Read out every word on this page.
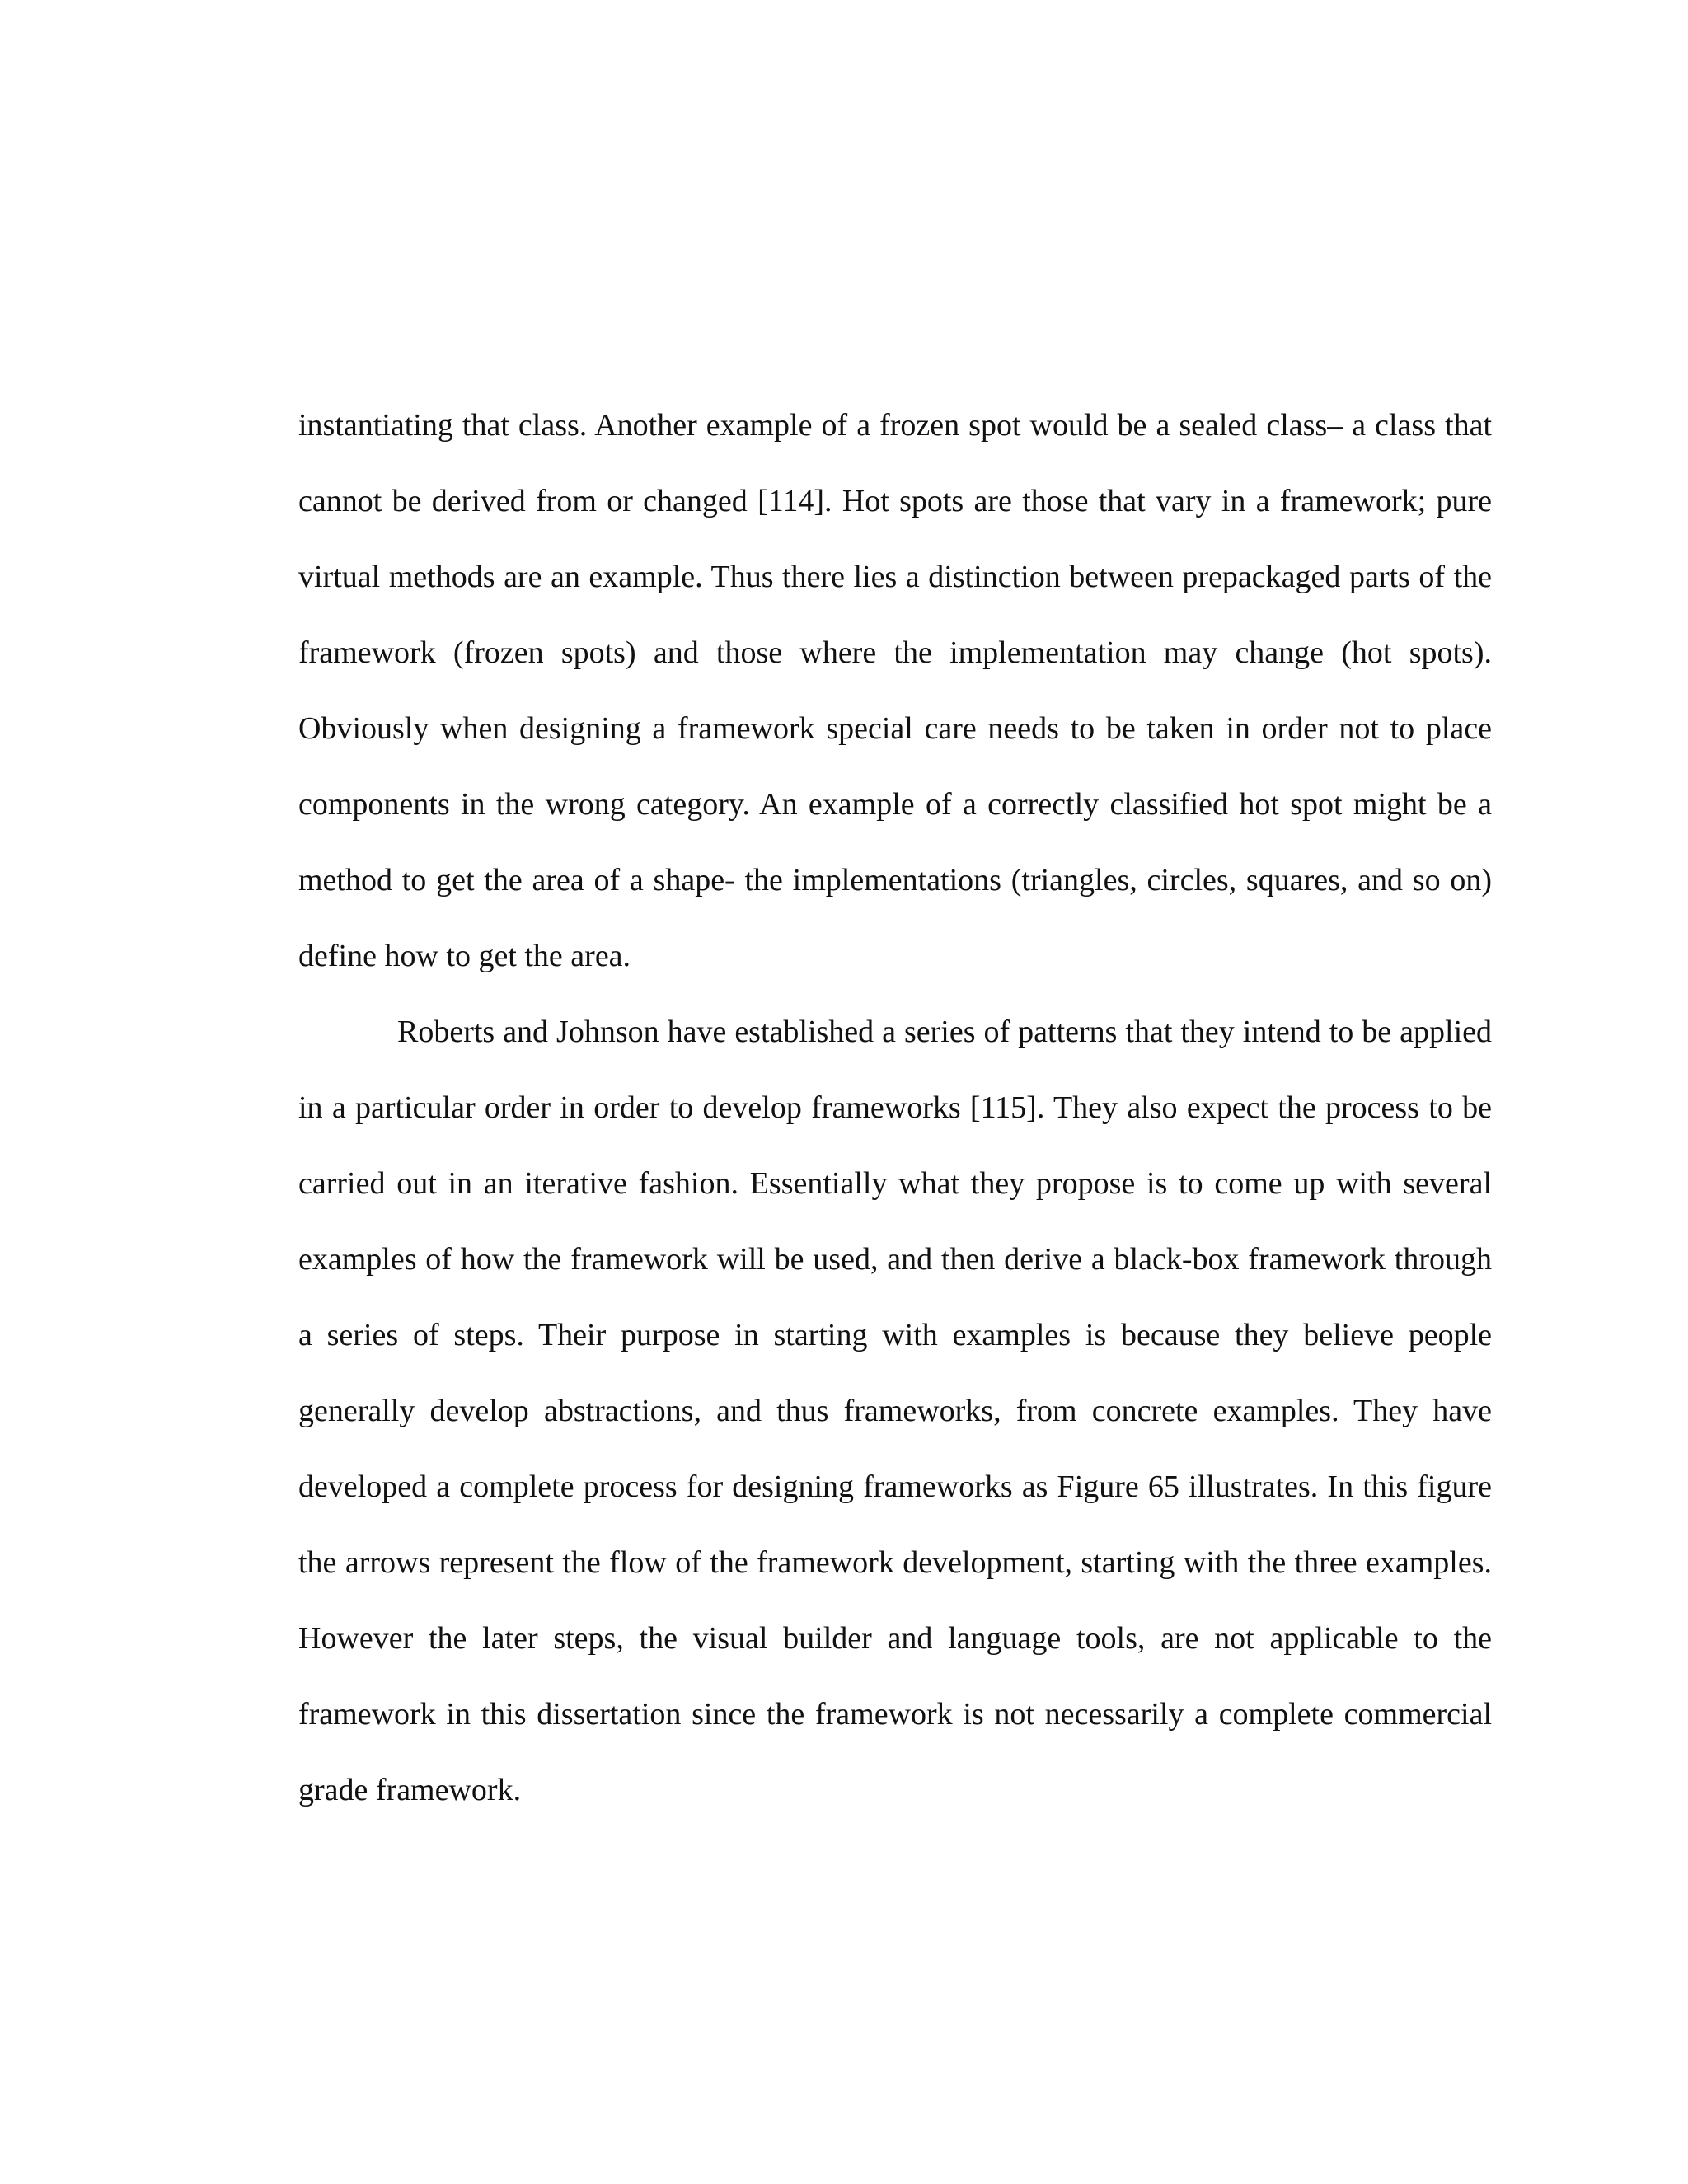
instantiating that class. Another example of a frozen spot would be a sealed class– a class that cannot be derived from or changed [114]. Hot spots are those that vary in a framework; pure virtual methods are an example. Thus there lies a distinction between prepackaged parts of the framework (frozen spots) and those where the implementation may change (hot spots). Obviously when designing a framework special care needs to be taken in order not to place components in the wrong category. An example of a correctly classified hot spot might be a method to get the area of a shape- the implementations (triangles, circles, squares, and so on) define how to get the area.

Roberts and Johnson have established a series of patterns that they intend to be applied in a particular order in order to develop frameworks [115]. They also expect the process to be carried out in an iterative fashion. Essentially what they propose is to come up with several examples of how the framework will be used, and then derive a black-box framework through a series of steps. Their purpose in starting with examples is because they believe people generally develop abstractions, and thus frameworks, from concrete examples. They have developed a complete process for designing frameworks as Figure 65 illustrates. In this figure the arrows represent the flow of the framework development, starting with the three examples. However the later steps, the visual builder and language tools, are not applicable to the framework in this dissertation since the framework is not necessarily a complete commercial grade framework.
